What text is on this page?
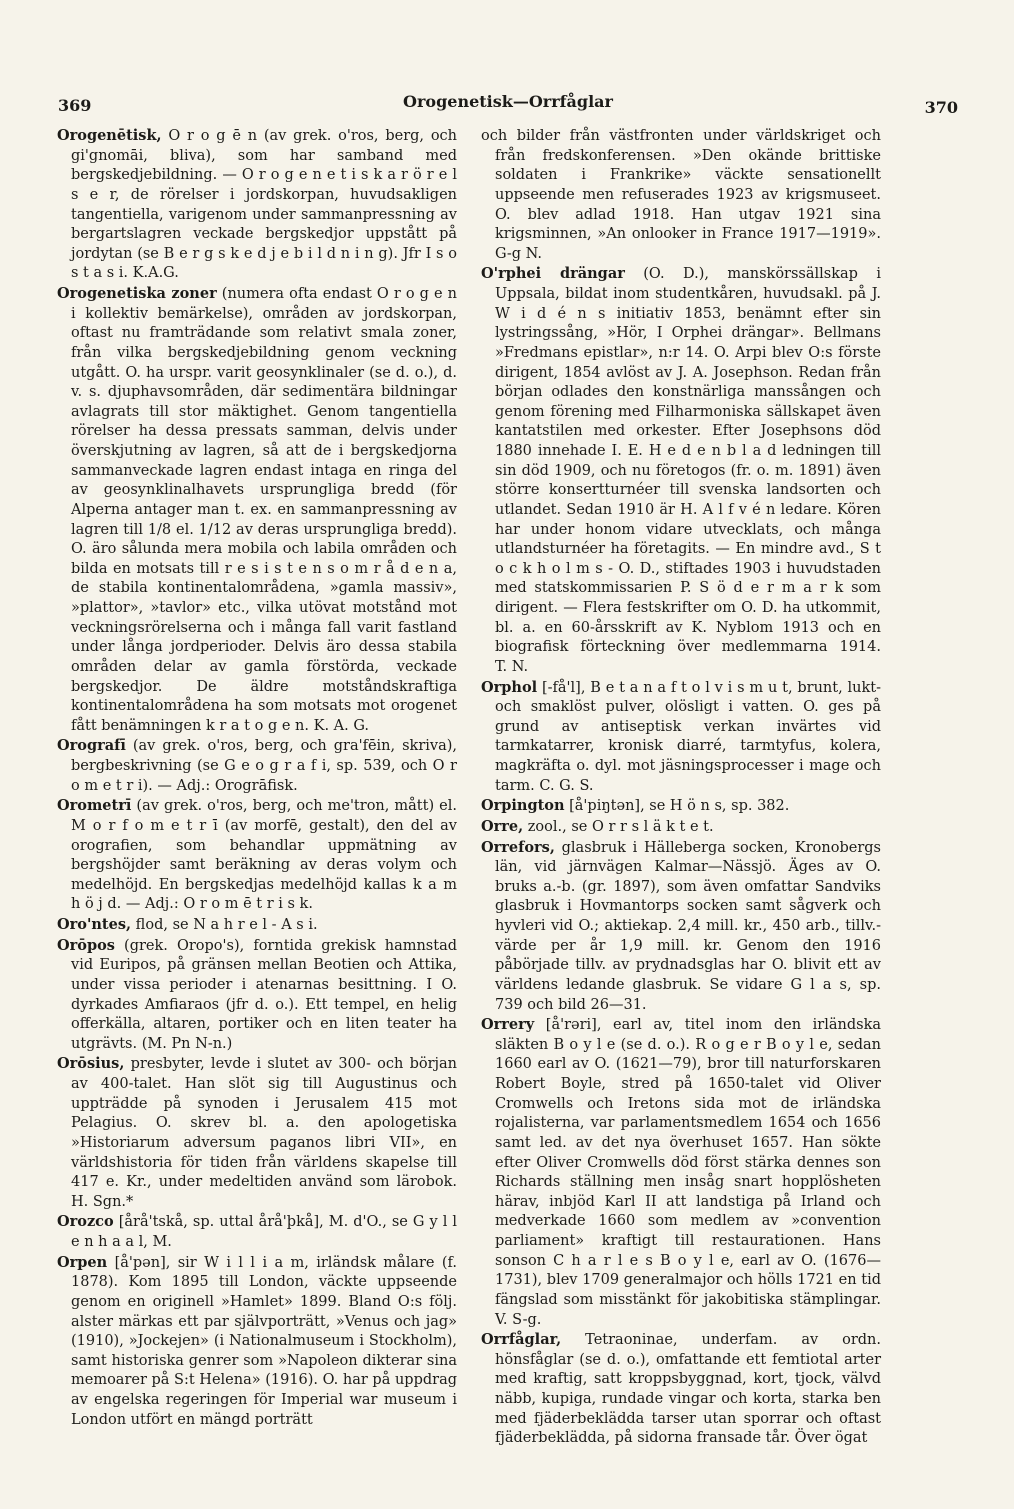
369	Orogenetisk—Orrfåglar	370

Orogenētisk, O r o g ē n (av grek. o'ros, berg, och gi'gnomāi, bliva), som har samband med bergskedjebildning. — O r o g e n e t i s k a r ö r e l s e r, de rörelser i jordskorpan, huvudsakligen tangentiella, varigenom under sammanpressning av bergartslagren veckade bergskedjor uppstått på jordytan (se B e r g s k e d j e b i l d n i n g). Jfr I s o s t a s i. K.A.G.

Orogenetiska zoner (numera ofta endast O r o g e n i kollektiv bemärkelse), områden av jordskorpan, oftast nu framträdande som relativt smala zoner, från vilka bergskedjebildning genom veckning utgått. O. ha urspr. varit geosynklinaler (se d. o.), d. v. s. djuphavsområden, där sedimentära bildningar avlagrats till stor mäktighet. Genom tangentiella rörelser ha dessa pressats samman, delvis under överskjutning av lagren, så att de i bergskedjorna sammanveckade lagren endast intaga en ringa del av geosynklinalhavets ursprungliga bredd (för Alperna antager man t. ex. en sammanpressning av lagren till 1/8 el. 1/12 av deras ursprungliga bredd). O. äro sålunda mera mobila och labila områden och bilda en motsats till r e s i s t e n s o m r å d e n a, de stabila kontinentalområdena, »gamla massiv», »plattor», »tavlor» etc., vilka utövat motstånd mot veckningsrörelserna och i många fall varit fastland under långa jordperioder. Delvis äro dessa stabila områden delar av gamla förstörda, veckade bergskedjor. De äldre motståndskraftiga kontinentalområdena ha som motsats mot orogenet fått benämningen k r a t o g e n. K. A. G.

Orografī (av grek. o'ros, berg, och gra'fēin, skriva), bergbeskrivning (se G e o g r a f i, sp. 539, och O r o m e t r i). — Adj.: Orogrāfisk.

Orometrī (av grek. o'ros, berg, och me'tron, mått) el. M o r f o m e t r ī (av morfē, gestalt), den del av orografien, som behandlar uppmätning av bergshöjder samt beräkning av deras volym och medelhöjd. En bergskedjas medelhöjd kallas k a m h ö j d. — Adj.: O r o m ē t r i s k.

Oro'ntes, flod, se N a h r e l - A s i.

Orōpos (grek. Oropo's), forntida grekisk hamnstad vid Euripos, på gränsen mellan Beotien och Attika, under vissa perioder i atenarnas besittning. I O. dyrkades Amfiaraos (jfr d. o.). Ett tempel, en helig offerkälla, altaren, portiker och en liten teater ha utgrävts. (M. Pn N-n.)

Orōsius, presbyter, levde i slutet av 300- och början av 400-talet. Han slöt sig till Augustinus och uppträdde på synoden i Jerusalem 415 mot Pelagius. O. skrev bl. a. den apologetiska »Historiarum adversum paganos libri VII», en världshistoria för tiden från världens skapelse till 417 e. Kr., under medeltiden använd som lärobok. H. Sgn.*

Orozco [årå'tskå, sp. uttal årå'þkå], M. d'O., se G y l l e n h a a l, M.

Orpen [å'pən], sir W i l l i a m, irländsk målare (f. 1878). Kom 1895 till London, väckte uppseende genom en originell »Hamlet» 1899. Bland O:s följ. alster märkas ett par självporträtt, »Venus och jag» (1910), »Jockejen» (i Nationalmuseum i Stockholm), samt historiska genrer som »Napoleon dikterar sina memoarer på S:t Helena» (1916). O. har på uppdrag av engelska regeringen för Imperial war museum i London utfört en mängd porträtt

och bilder från västfronten under världskriget och från fredskonferensen. »Den okände brittiske soldaten i Frankrike» väckte sensationellt uppseende men refuserades 1923 av krigsmuseet. O. blev adlad 1918. Han utgav 1921 sina krigsminnen, »An onlooker in France 1917—1919». G-g N.

O'rphei drängar (O. D.), manskörssällskap i Uppsala, bildat inom studentkåren, huvudsakl. på J. W i d é n s initiativ 1853, benämnt efter sin lystringssång, »Hör, I Orphei drängar». Bellmans »Fredmans epistlar», n:r 14. O. Arpi blev O:s förste dirigent, 1854 avlöst av J. A. Josephson. Redan från början odlades den konstnärliga manssången och genom förening med Filharmoniska sällskapet även kantatstilen med orkester. Efter Josephsons död 1880 innehade I. E. H e d e n b l a d ledningen till sin död 1909, och nu företogos (fr. o. m. 1891) även större konsertturnéer till svenska landsorten och utlandet. Sedan 1910 är H. A l f v é n ledare. Kören har under honom vidare utvecklats, och många utlandsturnéer ha företagits. — En mindre avd., S t o c k h o l m s - O. D., stiftades 1903 i huvudstaden med statskommissarien P. S ö d e r m a r k som dirigent. — Flera festskrifter om O. D. ha utkommit, bl. a. en 60-årsskrift av K. Nyblom 1913 och en biografisk förteckning över medlemmarna 1914. T. N.

Orphol [-få'l], B e t a n a f t o l v i s m u t, brunt, lukt- och smaklöst pulver, olösligt i vatten. O. ges på grund av antiseptisk verkan invärtes vid tarmkatarrer, kronisk diarré, tarmtyfus, kolera, magkräfta o. dyl. mot jäsningsprocesser i mage och tarm. C. G. S.

Orpington [å'piŋtən], se H ö n s, sp. 382.

Orre, zool., se O r r s l ä k t e t.

Orrefors, glasbruk i Hälleberga socken, Kronobergs län, vid järnvägen Kalmar—Nässjö. Äges av O. bruks a.-b. (gr. 1897), som även omfattar Sandviks glasbruk i Hovmantorps socken samt sågverk och hyvleri vid O.; aktiekap. 2,4 mill. kr., 450 arb., tillv.-värde per år 1,9 mill. kr. Genom den 1916 påbörjade tillv. av prydnadsglas har O. blivit ett av världens ledande glasbruk. Se vidare G l a s, sp. 739 och bild 26—31.

Orrery [å'rəri], earl av, titel inom den irländska släkten B o y l e (se d. o.). R o g e r B o y l e, sedan 1660 earl av O. (1621—79), bror till naturforskaren Robert Boyle, stred på 1650-talet vid Oliver Cromwells och Iretons sida mot de irländska rojalisterna, var parlamentsmedlem 1654 och 1656 samt led. av det nya överhuset 1657. Han sökte efter Oliver Cromwells död först stärka dennes son Richards ställning men insåg snart hopplösheten härav, inbjöd Karl II att landstiga på Irland och medverkade 1660 som medlem av »convention parliament» kraftigt till restaurationen. Hans sonson C h a r l e s B o y l e, earl av O. (1676—1731), blev 1709 generalmajor och hölls 1721 en tid fängslad som misstänkt för jakobitiska stämplingar. V. S-g.

Orrfåglar, Tetraoninae, underfam. av ordn. hönsfåglar (se d. o.), omfattande ett femtiotal arter med kraftig, satt kroppsbyggnad, kort, tjock, välvd näbb, kupiga, rundade vingar och korta, starka ben med fjäderbeklädda tarser utan sporrar och oftast fjäderbeklädda, på sidorna fransade tår. Över ögat
